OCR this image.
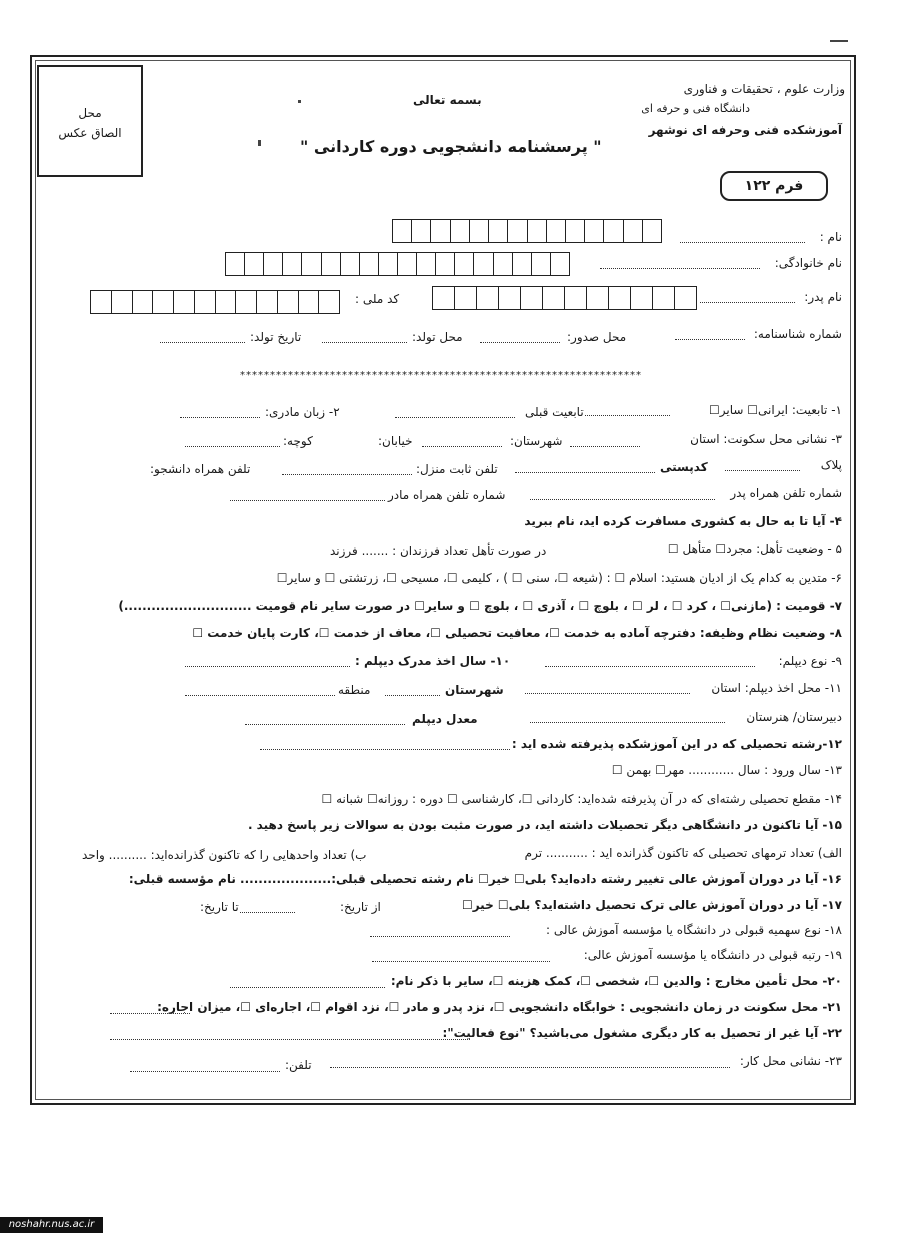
محل
الصاق عکس
بسمه تعالی
وزارت علوم ، تحقیقات و فناوری
دانشگاه فنی و حرفه ای
آموزشکده فنی وحرفه ای نوشهر
" پرسشنامه دانشجویی دوره کاردانی "
فرم ۱۲۲
نام :
نام خانوادگی:
نام پدر:
کد ملی :
شماره شناسنامه:
محل صدور:
محل تولد:
تاریخ تولد:
*******************************************************************
۱- تابعیت: ایرانی☐ سایر☐
تابعیت قبلی
۲- زبان مادری:
۳- نشانی محل سکونت: استان
شهرستان:
خیابان:
کوچه:
پلاک
کدپستی
تلفن ثابت منزل:
تلفن همراه دانشجو:
شماره تلفن همراه پدر
شماره تلفن همراه مادر
۴- آیا تا به حال به کشوری مسافرت کرده اید، نام ببرید
۵ - وضعیت تأهل: مجرد☐ متأهل ☐
در صورت تأهل تعداد فرزندان : ....... فرزند
۶- متدین به کدام یک از ادیان هستید: اسلام ☐ : (شیعه ☐، سنی ☐ ) ، کلیمی ☐، مسیحی ☐، زرتشتی ☐ و سایر☐
۷- قومیت : (مازنی☐ ، کرد ☐ ، لر ☐ ، بلوچ ☐ ، آذری ☐ ، بلوچ ☐ و سایر☐ در صورت سایر نام قومیت ............................)
۸- وضعیت نظام وظیفه: دفترچه آماده به خدمت ☐، معافیت تحصیلی ☐، معاف از خدمت ☐، کارت پایان خدمت ☐
۹- نوع دیپلم:
۱۰- سال اخذ مدرک دیپلم :
۱۱- محل اخذ دیپلم: استان
شهرستان
منطقه
دبیرستان/ هنرستان
معدل دیپلم
۱۲-رشته تحصیلی که در این آموزشکده پذیرفته شده اید :
۱۳- سال ورود : سال ............ مهر☐ بهمن ☐
۱۴- مقطع تحصیلی رشته‌ای که در آن پذیرفته شده‌اید: کاردانی ☐، کارشناسی ☐ دوره : روزانه☐ شبانه ☐
۱۵- آیا تاکنون در دانشگاهی دیگر تحصیلات داشته اید، در صورت مثبت بودن به سوالات زیر پاسخ دهید .
الف) تعداد ترمهای تحصیلی که تاکنون گذرانده اید : ........... ترم
ب) تعداد واحدهایی را که تاکنون گذرانده‌اید: .......... واحد
۱۶- آیا در دوران آموزش عالی تغییر رشته داده‌اید؟ بلی☐ خیر☐ نام رشته تحصیلی قبلی:.................... نام مؤسسه قبلی:
۱۷- آیا در دوران آموزش عالی ترک تحصیل داشته‌اید؟ بلی☐ خیر☐
از تاریخ:
تا تاریخ:
۱۸- نوع سهمیه قبولی در دانشگاه یا مؤسسه آموزش عالی :
۱۹- رتبه قبولی در دانشگاه یا مؤسسه آموزش عالی:
۲۰- محل تأمین مخارج : والدین ☐، شخصی ☐، کمک هزینه ☐، سایر با ذکر نام:
۲۱- محل سکونت در زمان دانشجویی : خوابگاه دانشجویی ☐، نزد پدر و مادر ☐، نزد اقوام ☐، اجاره‌ای ☐، میزان اجاره:
۲۲- آیا غیر از تحصیل به کار دیگری مشغول می‌باشید؟ "نوع فعالیت":
۲۳- نشانی محل کار:
تلفن:
noshahr.nus.ac.ir
